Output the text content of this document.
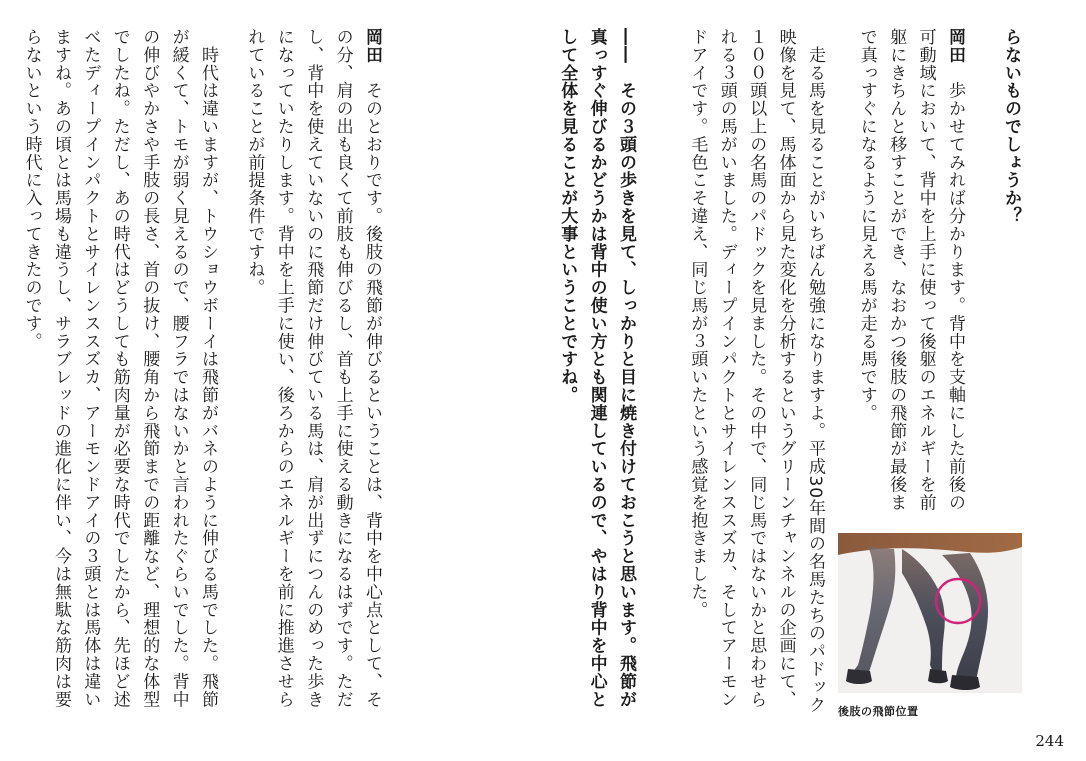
らないものでしょうか？
岡田　歩かせてみれば分かります。背中を支軸にした前後の可動域において、背中を上手に使って後躯のエネルギーを前躯にきちんと移すことができ、なおかつ後肢の飛節が最後まで真っすぐになるように見える馬が走る馬です。
　走る馬を見ることがいちばん勉強になりますよ。平成30年間の名馬たちのパドック映像を見て、馬体面から見た変化を分析するというグリーンチャンネルの企画にて、１００頭以上の名馬のパドックを見ました。その中で、同じ馬ではないかと思わせられる３頭の馬がいました。ディープインパクトとサイレンススズカ、そしてアーモンドアイです。毛色こそ違え、同じ馬が３頭いたという感覚を抱きました。
――　その３頭の歩きを見て、しっかりと目に焼き付けておこうと思います。飛節が真っすぐ伸びるかどうかは背中の使い方とも関連しているので、やはり背中を中心として全体を見ることが大事ということですね。
岡田　そのとおりです。後肢の飛節が伸びるということは、背中を中心点として、その分、肩の出も良くて前肢も伸びるし、首も上手に使える動きになるはずです。ただし、背中を使えていないのに飛節だけ伸びている馬は、肩が出ずにつんのめった歩きになっていたりします。背中を上手に使い、後ろからのエネルギーを前に推進させられていることが前提条件ですね。
　時代は違いますが、トウショウボーイは飛節がバネのように伸びる馬でした。飛節が緩くて、トモが弱く見えるので、腰フラではないかと言われたぐらいでした。背中の伸びやかさや手肢の長さ、首の抜け、腰角から飛節までの距離など、理想的な体型でしたね。ただし、あの時代はどうしても筋肉量が必要な時代でしたから、先ほど述べたディープインパクトとサイレンススズカ、アーモンドアイの３頭とは馬体は違いますね。あの頃とは馬場も違うし、サラブレッドの進化に伴い、今は無駄な筋肉は要らないという時代に入ってきたのです。
後肢の飛節位置
244
